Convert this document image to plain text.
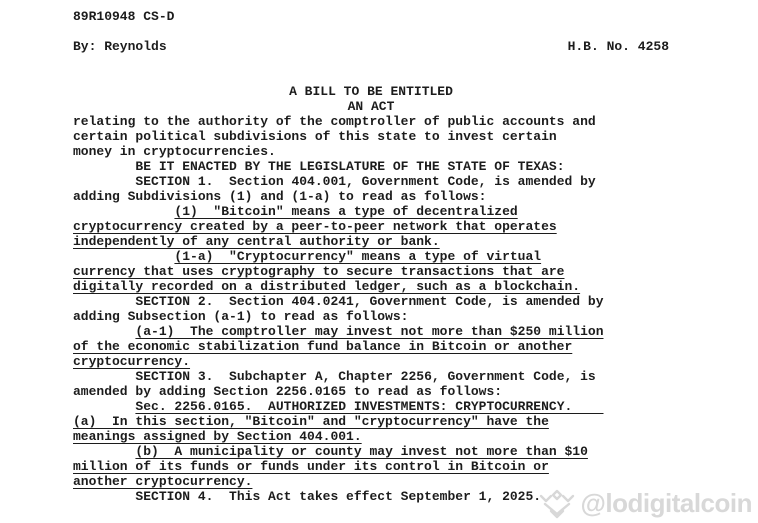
89R10948 CS-D
By: Reynolds	H.B. No. 4258
A BILL TO BE ENTITLED
AN ACT
relating to the authority of the comptroller of public accounts and
certain political subdivisions of this state to invest certain
money in cryptocurrencies.
BE IT ENACTED BY THE LEGISLATURE OF THE STATE OF TEXAS:
SECTION 1.  Section 404.001, Government Code, is amended by
adding Subdivisions (1) and (1-a) to read as follows:
(1)  "Bitcoin" means a type of decentralized
cryptocurrency created by a peer-to-peer network that operates
independently of any central authority or bank.
(1-a)  "Cryptocurrency" means a type of virtual
currency that uses cryptography to secure transactions that are
digitally recorded on a distributed ledger, such as a blockchain.
SECTION 2.  Section 404.0241, Government Code, is amended by
adding Subsection (a-1) to read as follows:
(a-1)  The comptroller may invest not more than $250 million
of the economic stabilization fund balance in Bitcoin or another
cryptocurrency.
SECTION 3.  Subchapter A, Chapter 2256, Government Code, is
amended by adding Section 2256.0165 to read as follows:
Sec. 2256.0165.  AUTHORIZED INVESTMENTS: CRYPTOCURRENCY.
(a)  In this section, "Bitcoin" and "cryptocurrency" have the
meanings assigned by Section 404.001.
(b)  A municipality or county may invest not more than $10
million of its funds or funds under its control in Bitcoin or
another cryptocurrency.
SECTION 4.  This Act takes effect September 1, 2025.	@lodigitalcoin
